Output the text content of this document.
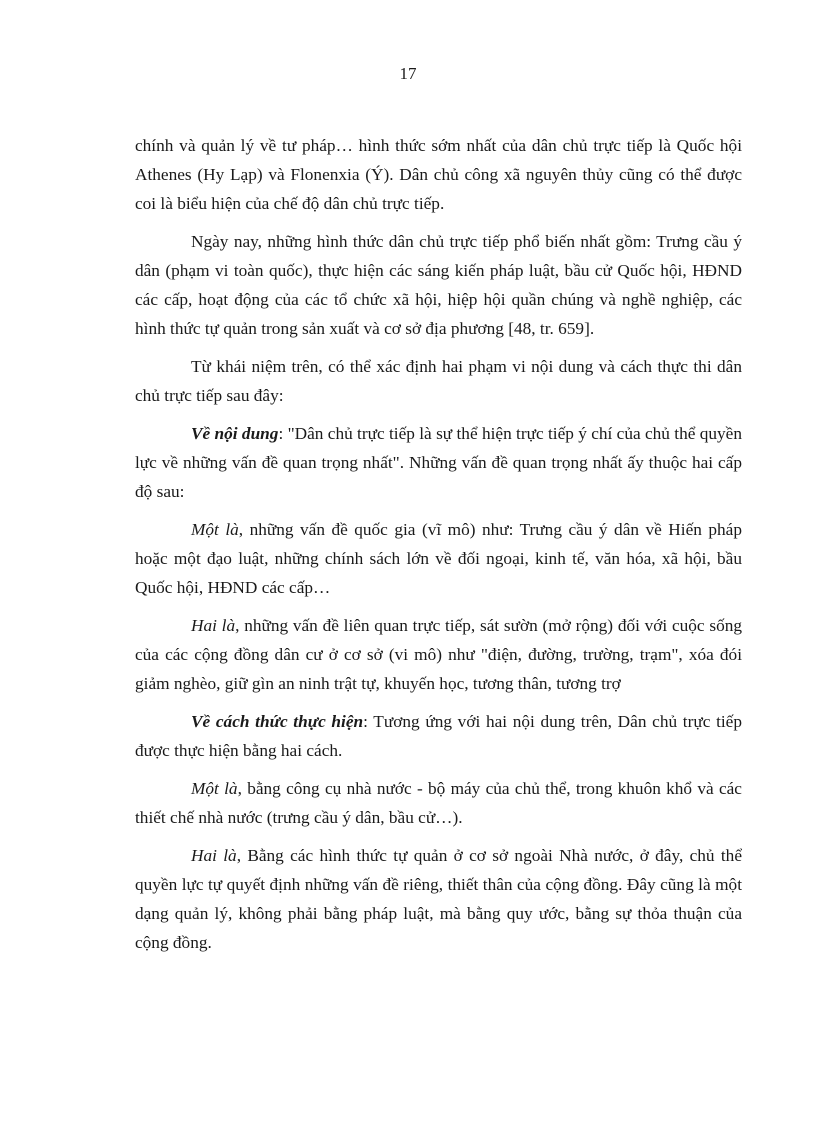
17

chính và quản lý về tư pháp… hình thức sớm nhất của dân chủ trực tiếp là Quốc hội Athenes (Hy Lạp) và Flonenxia (Ý). Dân chủ công xã nguyên thủy cũng có thể được coi là biểu hiện của chế độ dân chủ trực tiếp.

Ngày nay, những hình thức dân chủ trực tiếp phổ biến nhất gồm: Trưng cầu ý dân (phạm vi toàn quốc), thực hiện các sáng kiến pháp luật, bầu cử Quốc hội, HĐND các cấp, hoạt động của các tổ chức xã hội, hiệp hội quần chúng và nghề nghiệp, các hình thức tự quản trong sản xuất và cơ sở địa phương [48, tr. 659].

Từ khái niệm trên, có thể xác định hai phạm vi nội dung và cách thực thi dân chủ trực tiếp sau đây:

Về nội dung: "Dân chủ trực tiếp là sự thể hiện trực tiếp ý chí của chủ thể quyền lực về những vấn đề quan trọng nhất". Những vấn đề quan trọng nhất ấy thuộc hai cấp độ sau:

Một là, những vấn đề quốc gia (vĩ mô) như: Trưng cầu ý dân về Hiến pháp hoặc một đạo luật, những chính sách lớn về đối ngoại, kinh tế, văn hóa, xã hội, bầu Quốc hội, HĐND các cấp…

Hai là, những vấn đề liên quan trực tiếp, sát sườn (mở rộng) đối với cuộc sống của các cộng đồng dân cư ở cơ sở (vi mô) như "điện, đường, trường, trạm", xóa đói giảm nghèo, giữ gìn an ninh trật tự, khuyến học, tương thân, tương trợ

Về cách thức thực hiện: Tương ứng với hai nội dung trên, Dân chủ trực tiếp được thực hiện bằng hai cách.

Một là, bằng công cụ nhà nước - bộ máy của chủ thể, trong khuôn khổ và các thiết chế nhà nước (trưng cầu ý dân, bầu cử…).

Hai là, Bằng các hình thức tự quản ở cơ sở ngoài Nhà nước, ở đây, chủ thể quyền lực tự quyết định những vấn đề riêng, thiết thân của cộng đồng. Đây cũng là một dạng quản lý, không phải bằng pháp luật, mà bằng quy ước, bằng sự thỏa thuận của cộng đồng.
